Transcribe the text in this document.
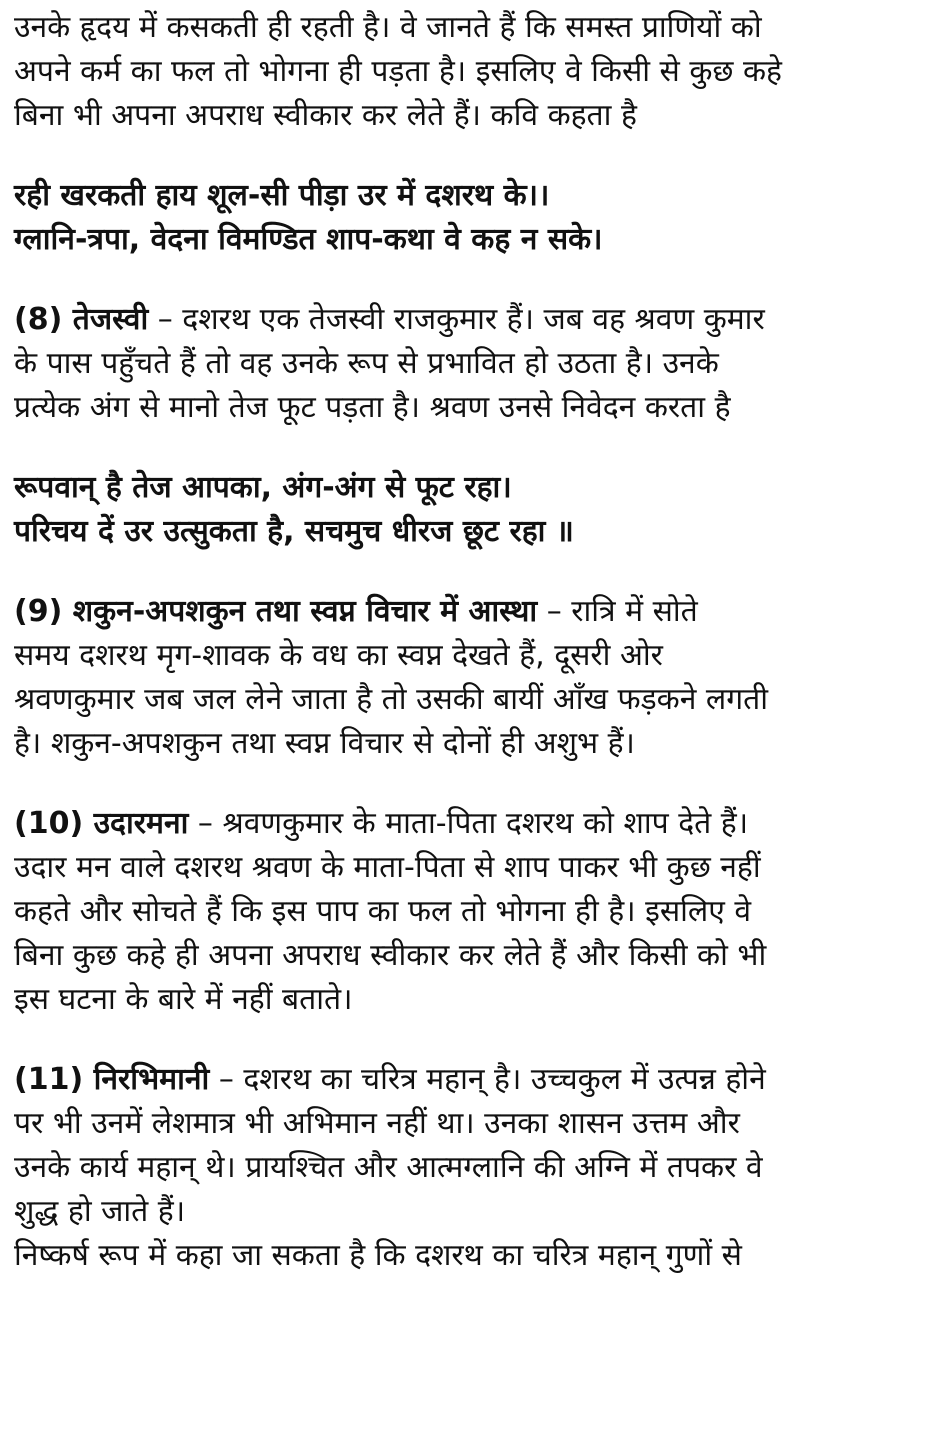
उनके हृदय में कसकती ही रहती है। वे जानते हैं कि समस्त प्राणियों को

अपने कर्म का फल तो भोगना ही पड़ता है। इसलिए वे किसी से कुछ कहे

बिना भी अपना अपराध स्वीकार कर लेते हैं। कवि कहता है

रही खरकती हाय शूल-सी पीड़ा उर में दशरथ के।।

ग्लानि-त्रपा, वेदना विमण्डित शाप-कथा वे कह न सके।

(8) तेजस्वी – दशरथ एक तेजस्वी राजकुमार हैं। जब वह श्रवण कुमार

के पास पहुँचते हैं तो वह उनके रूप से प्रभावित हो उठता है। उनके

प्रत्येक अंग से मानो तेज फूट पड़ता है। श्रवण उनसे निवेदन करता है

रूपवान् है तेज आपका, अंग-अंग से फूट रहा।

परिचय दें उर उत्सुकता है, सचमुच धीरज छूट रहा ॥

(9) शकुन-अपशकुन तथा स्वप्न विचार में आस्था – रात्रि में सोते

समय दशरथ मृग-शावक के वध का स्वप्न देखते हैं, दूसरी ओर

श्रवणकुमार जब जल लेने जाता है तो उसकी बायीं आँख फड़कने लगती

है। शकुन-अपशकुन तथा स्वप्न विचार से दोनों ही अशुभ हैं।

(10) उदारमना – श्रवणकुमार के माता-पिता दशरथ को शाप देते हैं।

उदार मन वाले दशरथ श्रवण के माता-पिता से शाप पाकर भी कुछ नहीं

कहते और सोचते हैं कि इस पाप का फल तो भोगना ही है। इसलिए वे

बिना कुछ कहे ही अपना अपराध स्वीकार कर लेते हैं और किसी को भी

इस घटना के बारे में नहीं बताते।

(11) निरभिमानी – दशरथ का चरित्र महान् है। उच्चकुल में उत्पन्न होने

पर भी उनमें लेशमात्र भी अभिमान नहीं था। उनका शासन उत्तम और

उनके कार्य महान् थे। प्रायश्चित और आत्मग्लानि की अग्नि में तपकर वे

शुद्ध हो जाते हैं।

निष्कर्ष रूप में कहा जा सकता है कि दशरथ का चरित्र महान् गुणों से
